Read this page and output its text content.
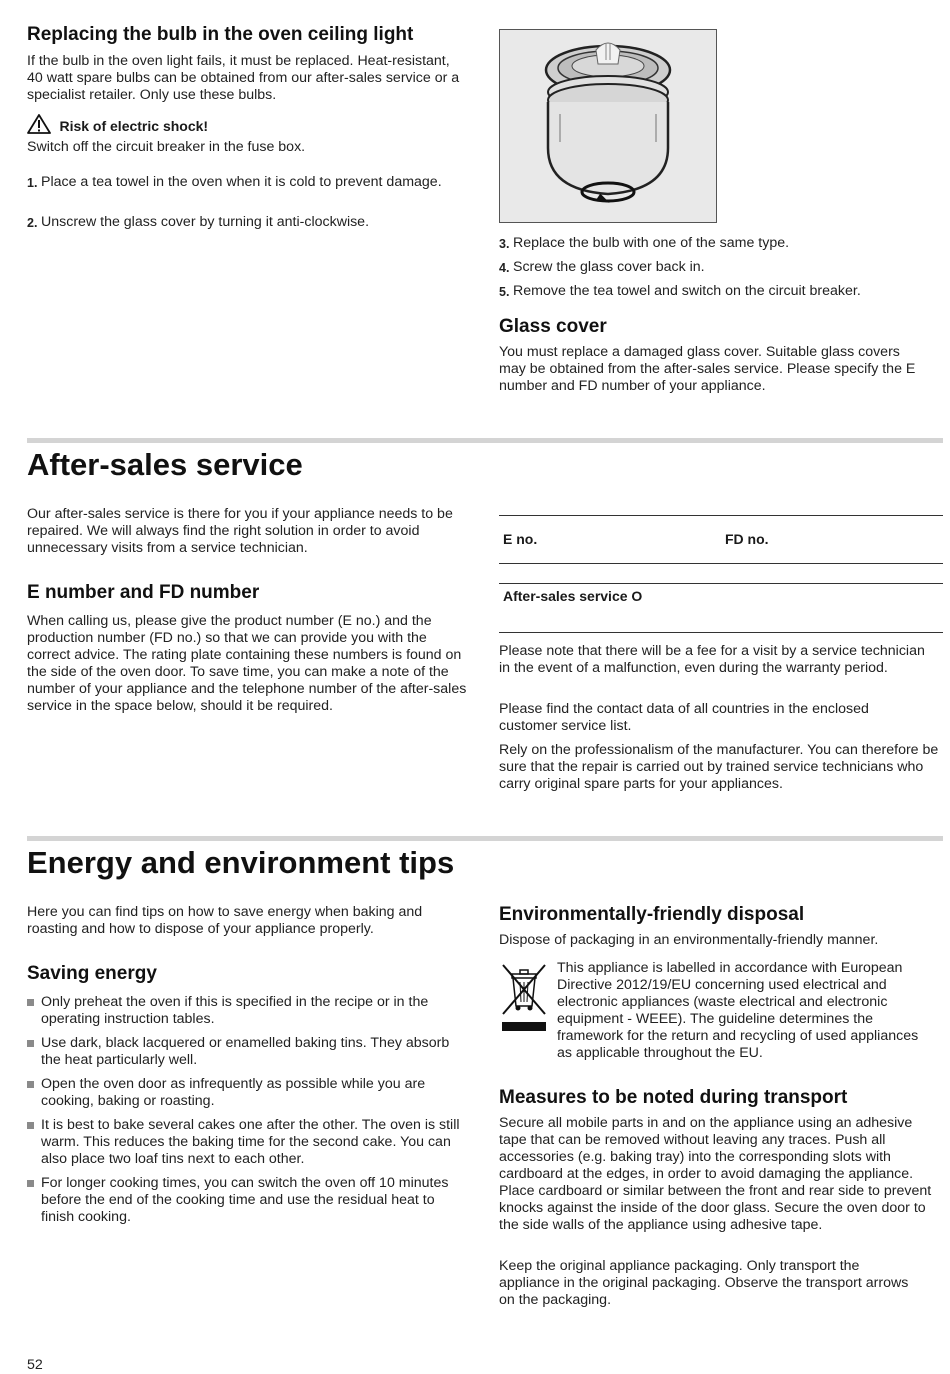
Replacing the bulb in the oven ceiling light

If the bulb in the oven light fails, it must be replaced. Heat-resistant, 40 watt spare bulbs can be obtained from our after-sales service or a specialist retailer. Only use these bulbs.

Risk of electric shock!

Switch off the circuit breaker in the fuse box.

1. Place a tea towel in the oven when it is cold to prevent damage.
2. Unscrew the glass cover by turning it anti-clockwise.
3. Replace the bulb with one of the same type.
4. Screw the glass cover back in.
5. Remove the tea towel and switch on the circuit breaker.
Glass cover

You must replace a damaged glass cover. Suitable glass covers may be obtained from the after-sales service. Please specify the E number and FD number of your appliance.

After-sales service

Our after-sales service is there for you if your appliance needs to be repaired. We will always find the right solution in order to avoid unnecessary visits from a service technician.

E number and FD number

When calling us, please give the product number (E no.) and the production number (FD no.) so that we can provide you with the correct advice. The rating plate containing these numbers is found on the side of the oven door. To save time, you can make a note of the number of your appliance and the telephone number of the after-sales service in the space below, should it be required.

E no.	FD no.
After-sales service O

Please note that there will be a fee for a visit by a service technician in the event of a malfunction, even during the warranty period.

Please find the contact data of all countries in the enclosed customer service list.

Rely on the professionalism of the manufacturer. You can therefore be sure that the repair is carried out by trained service technicians who carry original spare parts for your appliances.

Energy and environment tips

Here you can find tips on how to save energy when baking and roasting and how to dispose of your appliance properly.

Saving energy
Only preheat the oven if this is specified in the recipe or in the operating instruction tables.
Use dark, black lacquered or enamelled baking tins. They absorb the heat particularly well.
Open the oven door as infrequently as possible while you are cooking, baking or roasting.
It is best to bake several cakes one after the other. The oven is still warm. This reduces the baking time for the second cake. You can also place two loaf tins next to each other.
For longer cooking times, you can switch the oven off 10 minutes before the end of the cooking time and use the residual heat to finish cooking.
Environmentally-friendly disposal

Dispose of packaging in an environmentally-friendly manner.

This appliance is labelled in accordance with European Directive 2012/19/EU concerning used electrical and electronic appliances (waste electrical and electronic equipment - WEEE). The guideline determines the framework for the return and recycling of used appliances as applicable throughout the EU.

Measures to be noted during transport

Secure all mobile parts in and on the appliance using an adhesive tape that can be removed without leaving any traces. Push all accessories (e.g. baking tray) into the corresponding slots with cardboard at the edges, in order to avoid damaging the appliance. Place cardboard or similar between the front and rear side to prevent knocks against the inside of the door glass. Secure the oven door to the side walls of the appliance using adhesive tape.

Keep the original appliance packaging. Only transport the appliance in the original packaging. Observe the transport arrows on the packaging.

52
